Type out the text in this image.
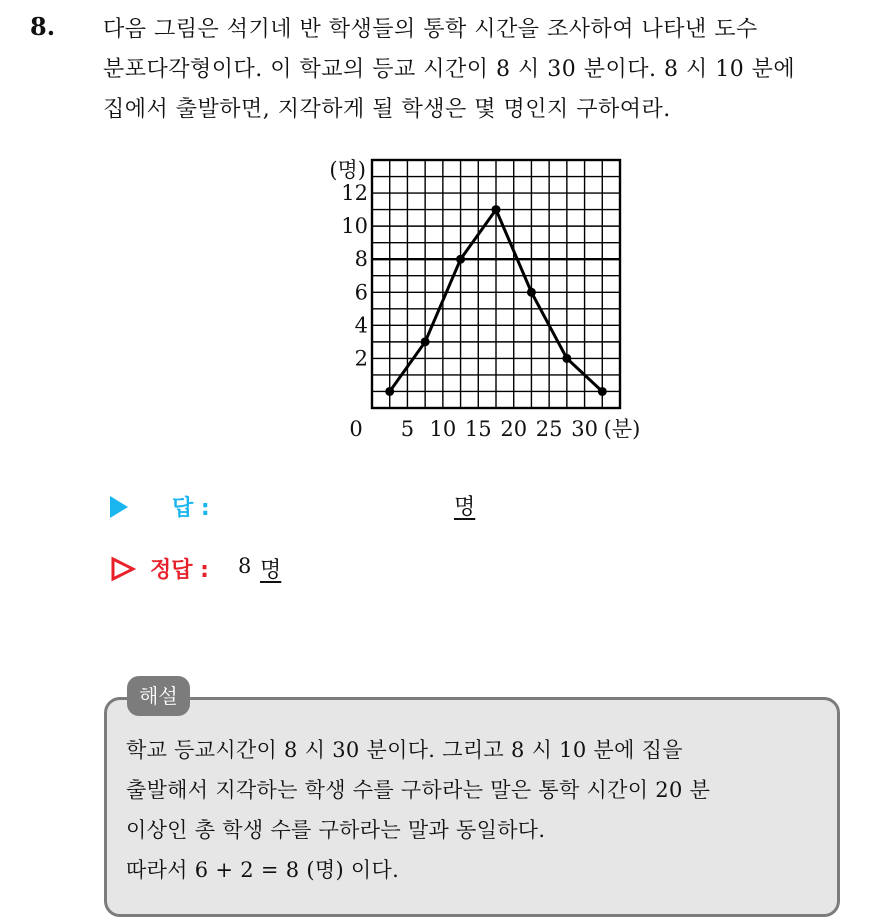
8. 다음 그림은 석기네 반 학생들의 통학 시간을 조사하여 나타낸 도수
분포다각형이다. 이 학교의 등교 시간이 8 시 30 분이다. 8 시 10 분에
집에서 출발하면, 지각하게 될 학생은 몇 명인지 구하여라.
(명)
2
4
6
8
10
12
0 5 10 15 20 25 30 (분)
답 :	명
정답 : 8 명
해설
학교 등교시간이 8 시 30 분이다. 그리고 8 시 10 분에 집을
출발해서 지각하는 학생 수를 구하라는 말은 통학 시간이 20 분
이상인 총 학생 수를 구하라는 말과 동일하다.
따라서 6 + 2 = 8 (명) 이다.
